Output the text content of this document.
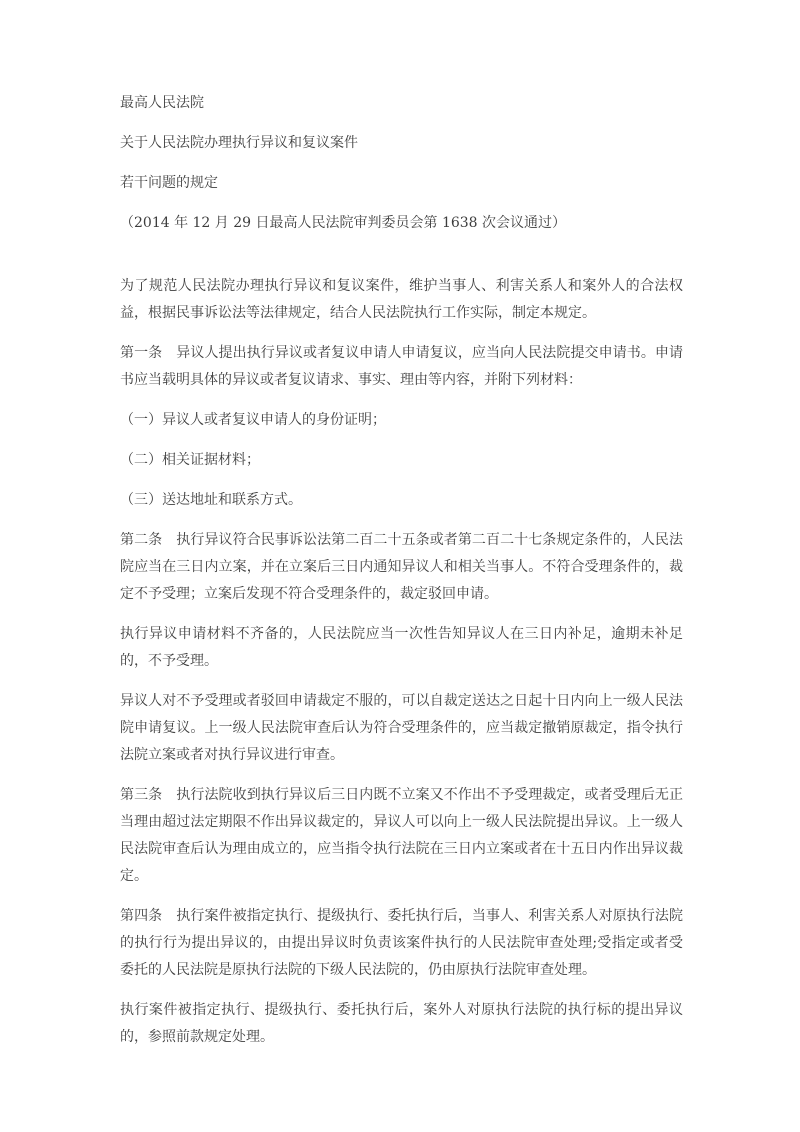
最高人民法院

关于人民法院办理执行异议和复议案件

若干问题的规定

（2014 年 12 月 29 日最高人民法院审判委员会第 1638 次会议通过）

为了规范人民法院办理执行异议和复议案件，维护当事人、利害关系人和案外人的合法权益，根据民事诉讼法等法律规定，结合人民法院执行工作实际，制定本规定。

第一条　异议人提出执行异议或者复议申请人申请复议，应当向人民法院提交申请书。申请书应当载明具体的异议或者复议请求、事实、理由等内容，并附下列材料：

（一）异议人或者复议申请人的身份证明；

（二）相关证据材料；

（三）送达地址和联系方式。

第二条　执行异议符合民事诉讼法第二百二十五条或者第二百二十七条规定条件的，人民法院应当在三日内立案，并在立案后三日内通知异议人和相关当事人。不符合受理条件的，裁定不予受理；立案后发现不符合受理条件的，裁定驳回申请。

执行异议申请材料不齐备的，人民法院应当一次性告知异议人在三日内补足，逾期未补足的，不予受理。

异议人对不予受理或者驳回申请裁定不服的，可以自裁定送达之日起十日内向上一级人民法院申请复议。上一级人民法院审查后认为符合受理条件的，应当裁定撤销原裁定，指令执行法院立案或者对执行异议进行审查。

第三条　执行法院收到执行异议后三日内既不立案又不作出不予受理裁定，或者受理后无正当理由超过法定期限不作出异议裁定的，异议人可以向上一级人民法院提出异议。上一级人民法院审查后认为理由成立的，应当指令执行法院在三日内立案或者在十五日内作出异议裁定。

第四条　执行案件被指定执行、提级执行、委托执行后，当事人、利害关系人对原执行法院的执行行为提出异议的，由提出异议时负责该案件执行的人民法院审查处理;受指定或者受委托的人民法院是原执行法院的下级人民法院的，仍由原执行法院审查处理。

执行案件被指定执行、提级执行、委托执行后，案外人对原执行法院的执行标的提出异议的，参照前款规定处理。
